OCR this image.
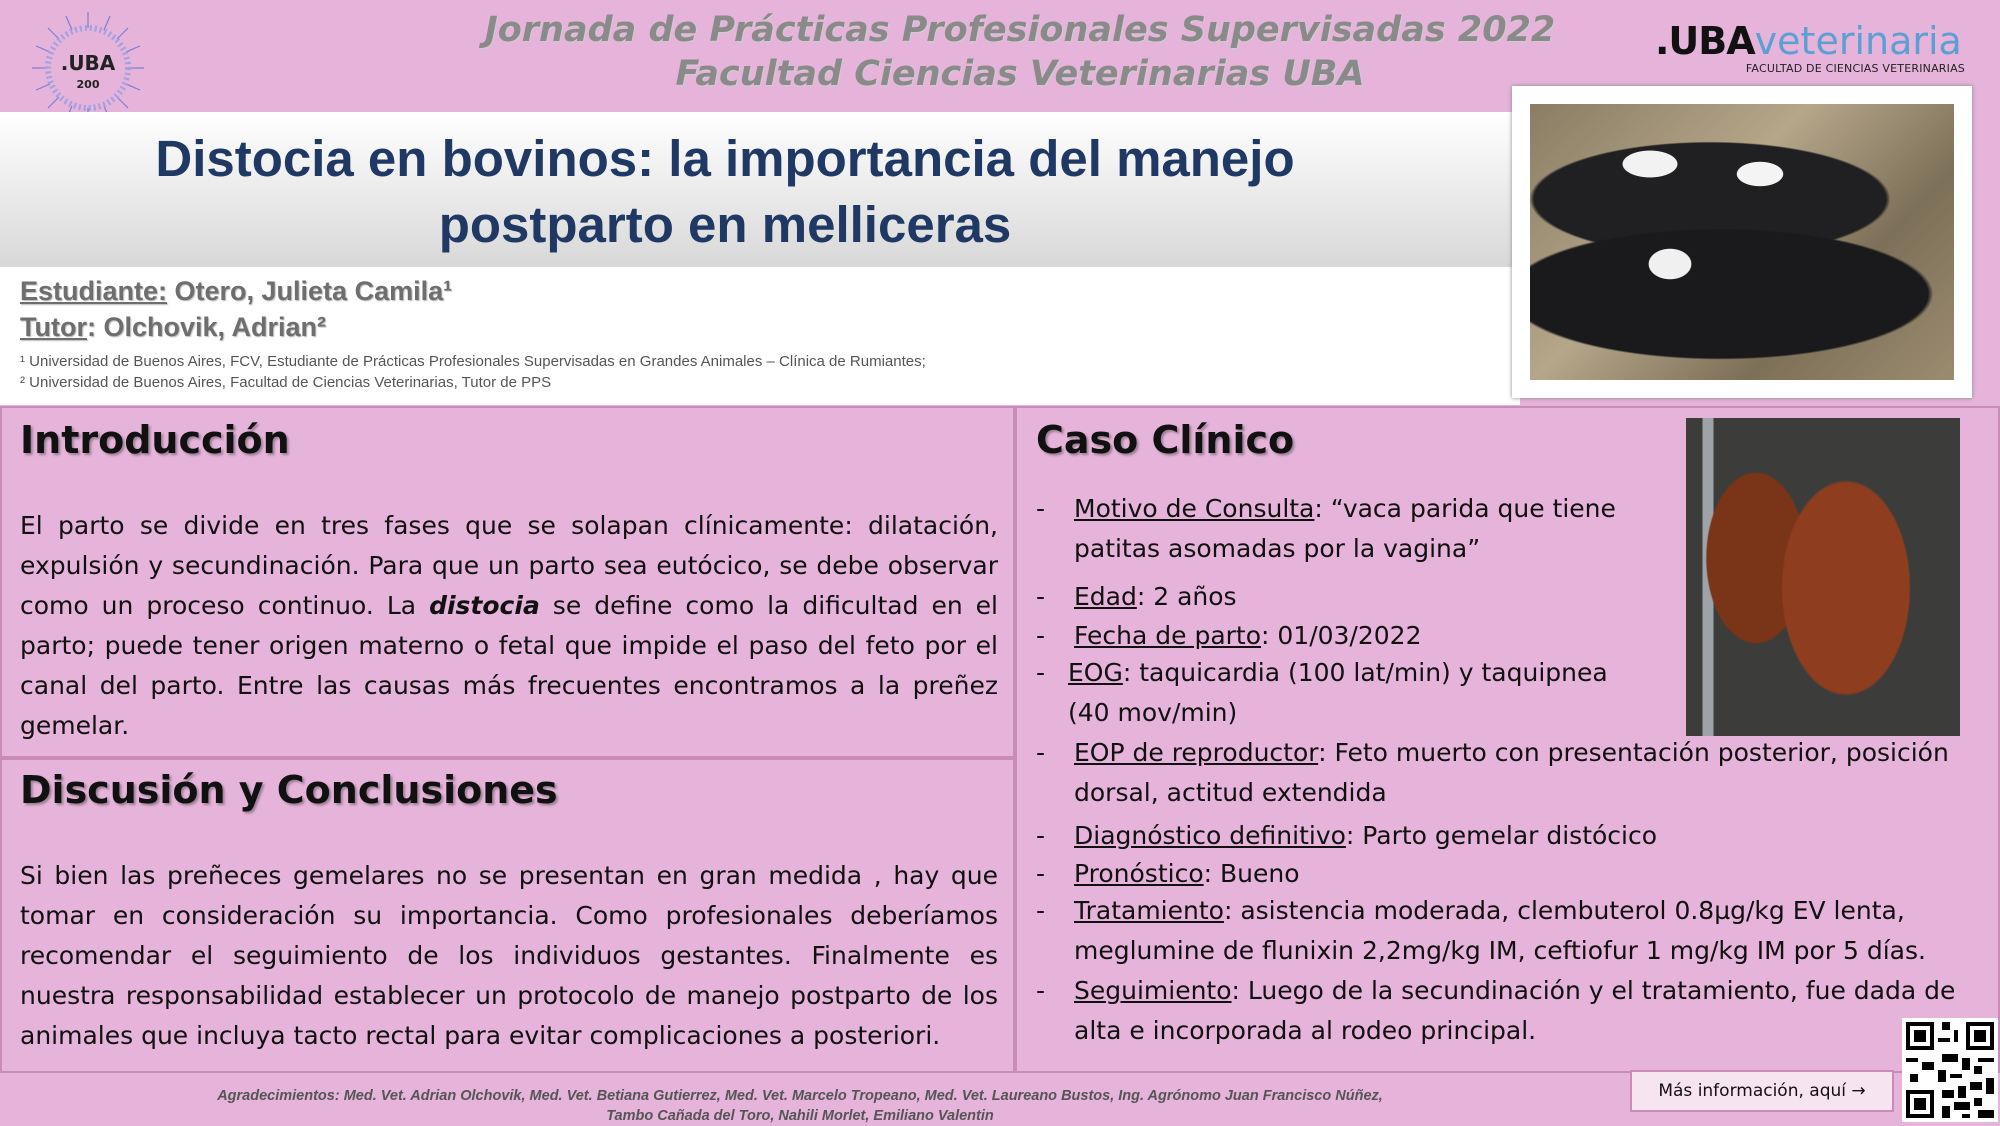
.UBA
200
Jornada de Prácticas Profesionales Supervisadas 2022
Facultad Ciencias Veterinarias UBA
.UBAveterinaria
FACULTAD DE CIENCIAS VETERINARIAS
Distocia en bovinos: la importancia del manejo
postparto en melliceras
Estudiante: Otero, Julieta Camila¹
Tutor: Olchovik, Adrian²
¹ Universidad de Buenos Aires, FCV, Estudiante de Prácticas Profesionales Supervisadas en Grandes Animales – Clínica de Rumiantes;
² Universidad de Buenos Aires, Facultad de Ciencias Veterinarias, Tutor de PPS
Introducción
El parto se divide en tres fases que se solapan clínicamente: dilatación, expulsión y secundinación. Para que un parto sea eutócico, se debe observar como un proceso continuo. La distocia se define como la dificultad en el parto; puede tener origen materno o fetal que impide el paso del feto por el canal del parto. Entre las causas más frecuentes encontramos a la preñez gemelar.
Discusión y Conclusiones
Si bien las preñeces gemelares no se presentan en gran medida , hay que tomar en consideración su importancia. Como profesionales deberíamos recomendar el seguimiento de los individuos gestantes. Finalmente es nuestra responsabilidad establecer un protocolo de manejo postparto de los animales que incluya tacto rectal para evitar complicaciones a posteriori.
Caso Clínico
- Motivo de Consulta: “vaca parida que tiene
patitas asomadas por la vagina”
- Edad: 2 años
- Fecha de parto: 01/03/2022
- EOG: taquicardia (100 lat/min) y taquipnea
(40 mov/min)
- EOP de reproductor: Feto muerto con presentación posterior, posición
dorsal, actitud extendida
- Diagnóstico definitivo: Parto gemelar distócico
- Pronóstico: Bueno
- Tratamiento: asistencia moderada, clembuterol 0.8µg/kg EV lenta,
meglumine de flunixin 2,2mg/kg IM, ceftiofur 1 mg/kg IM por 5 días.
- Seguimiento: Luego de la secundinación y el tratamiento, fue dada de
alta e incorporada al rodeo principal.
Agradecimientos: Med. Vet. Adrian Olchovik, Med. Vet. Betiana Gutierrez, Med. Vet. Marcelo Tropeano, Med. Vet. Laureano Bustos, Ing. Agrónomo Juan Francisco Núñez,
Tambo Cañada del Toro, Nahili Morlet, Emiliano Valentin
Más información, aquí →
